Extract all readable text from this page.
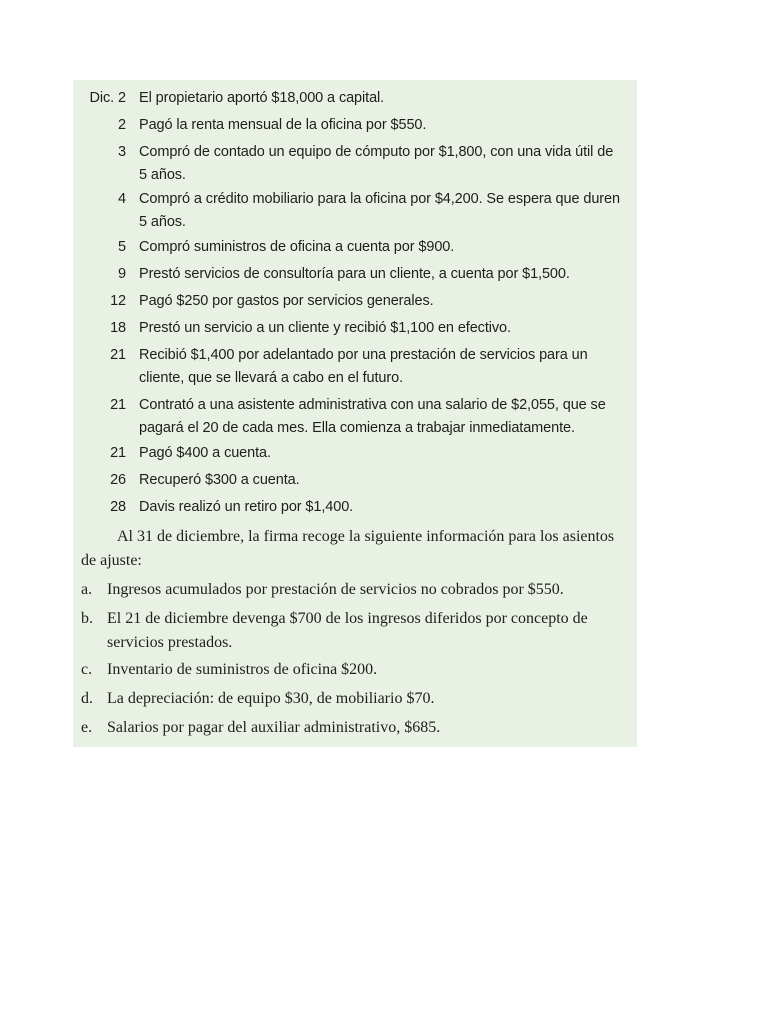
Dic. 2 El propietario aportó $18,000 a capital.
2 Pagó la renta mensual de la oficina por $550.
3 Compró de contado un equipo de cómputo por $1,800, con una vida útil de 5 años.
4 Compró a crédito mobiliario para la oficina por $4,200. Se espera que duren 5 años.
5 Compró suministros de oficina a cuenta por $900.
9 Prestó servicios de consultoría para un cliente, a cuenta por $1,500.
12 Pagó $250 por gastos por servicios generales.
18 Prestó un servicio a un cliente y recibió $1,100 en efectivo.
21 Recibió $1,400 por adelantado por una prestación de servicios para un cliente, que se llevará a cabo en el futuro.
21 Contrató a una asistente administrativa con una salario de $2,055, que se pagará el 20 de cada mes. Ella comienza a trabajar inmediatamente.
21 Pagó $400 a cuenta.
26 Recuperó $300 a cuenta.
28 Davis realizó un retiro por $1,400.
Al 31 de diciembre, la firma recoge la siguiente información para los asientos de ajuste:
a. Ingresos acumulados por prestación de servicios no cobrados por $550.
b. El 21 de diciembre devenga $700 de los ingresos diferidos por concepto de servicios prestados.
c. Inventario de suministros de oficina $200.
d. La depreciación: de equipo $30, de mobiliario $70.
e. Salarios por pagar del auxiliar administrativo, $685.
